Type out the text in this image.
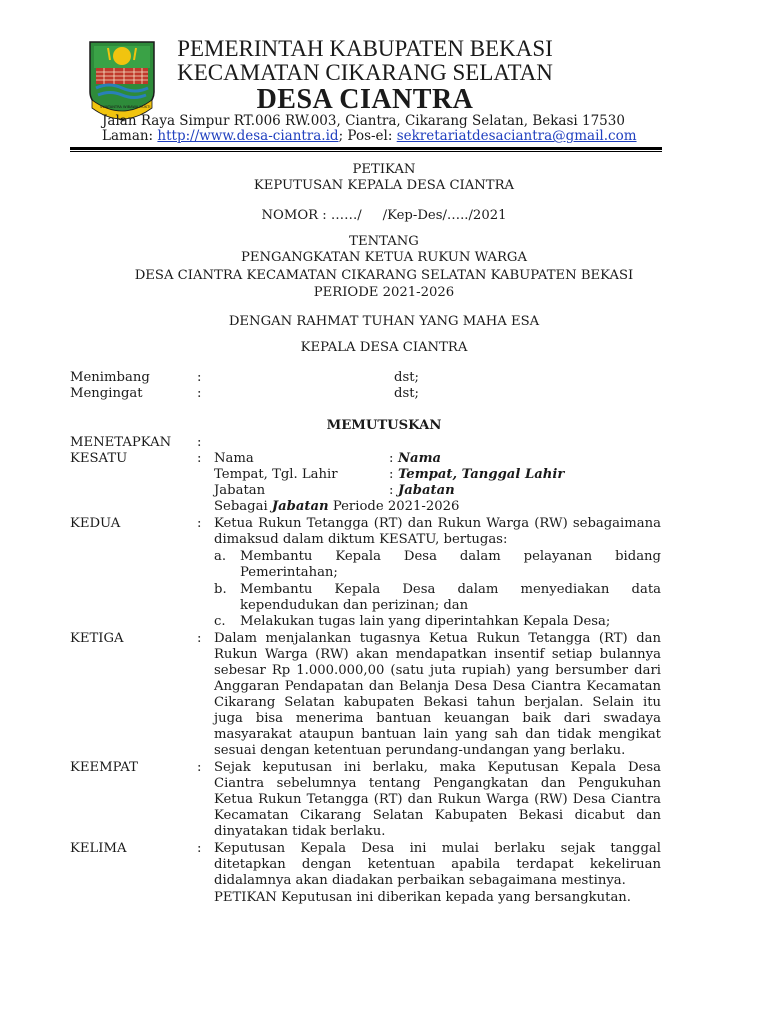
SWATANTRA WIBAWA MUKTI
PEMERINTAH KABUPATEN BEKASI
KECAMATAN CIKARANG SELATAN
DESA CIANTRA
Jalan Raya Simpur RT.006 RW.003, Ciantra, Cikarang Selatan, Bekasi 17530
Laman: http://www.desa-ciantra.id; Pos-el: sekretariatdesaciantra@gmail.com
PETIKAN
KEPUTUSAN KEPALA DESA CIANTRA
NOMOR : ……/     /Kep-Des/…../2021
TENTANG
PENGANGKATAN KETUA RUKUN WARGA
DESA CIANTRA KECAMATAN CIKARANG SELATAN KABUPATEN BEKASI
PERIODE 2021-2026
DENGAN RAHMAT TUHAN YANG MAHA ESA
KEPALA DESA CIANTRA
Menimbang	:	dst;
Mengingat	:	dst;
MEMUTUSKAN
MENETAPKAN :
KESATU	: Nama	: Nama
Tempat, Tgl. Lahir	: Tempat, Tanggal Lahir
Jabatan	: Jabatan
Sebagai Jabatan Periode 2021-2026
KEDUA	: Ketua Rukun Tetangga (RT) dan Rukun Warga (RW) sebagaimana
dimaksud dalam diktum KESATU, bertugas:
a. Membantu Kepala Desa dalam pelayanan bidang
Pemerintahan;
b. Membantu Kepala Desa dalam menyediakan data
kependudukan dan perizinan; dan
c. Melakukan tugas lain yang diperintahkan Kepala Desa;
KETIGA	: Dalam menjalankan tugasnya Ketua Rukun Tetangga (RT) dan
Rukun Warga (RW) akan mendapatkan insentif setiap bulannya
sebesar Rp 1.000.000,00 (satu juta rupiah) yang bersumber dari
Anggaran Pendapatan dan Belanja Desa Desa Ciantra Kecamatan
Cikarang Selatan kabupaten Bekasi tahun berjalan. Selain itu
juga bisa menerima bantuan keuangan baik dari swadaya
masyarakat ataupun bantuan lain yang sah dan tidak mengikat
sesuai dengan ketentuan perundang-undangan yang berlaku.
KEEMPAT	: Sejak keputusan ini berlaku, maka Keputusan Kepala Desa
Ciantra sebelumnya tentang Pengangkatan dan Pengukuhan
Ketua Rukun Tetangga (RT) dan Rukun Warga (RW) Desa Ciantra
Kecamatan Cikarang Selatan Kabupaten Bekasi dicabut dan
dinyatakan tidak berlaku.
KELIMA	: Keputusan Kepala Desa ini mulai berlaku sejak tanggal
ditetapkan dengan ketentuan apabila terdapat kekeliruan
didalamnya akan diadakan perbaikan sebagaimana mestinya.
PETIKAN Keputusan ini diberikan kepada yang bersangkutan.
